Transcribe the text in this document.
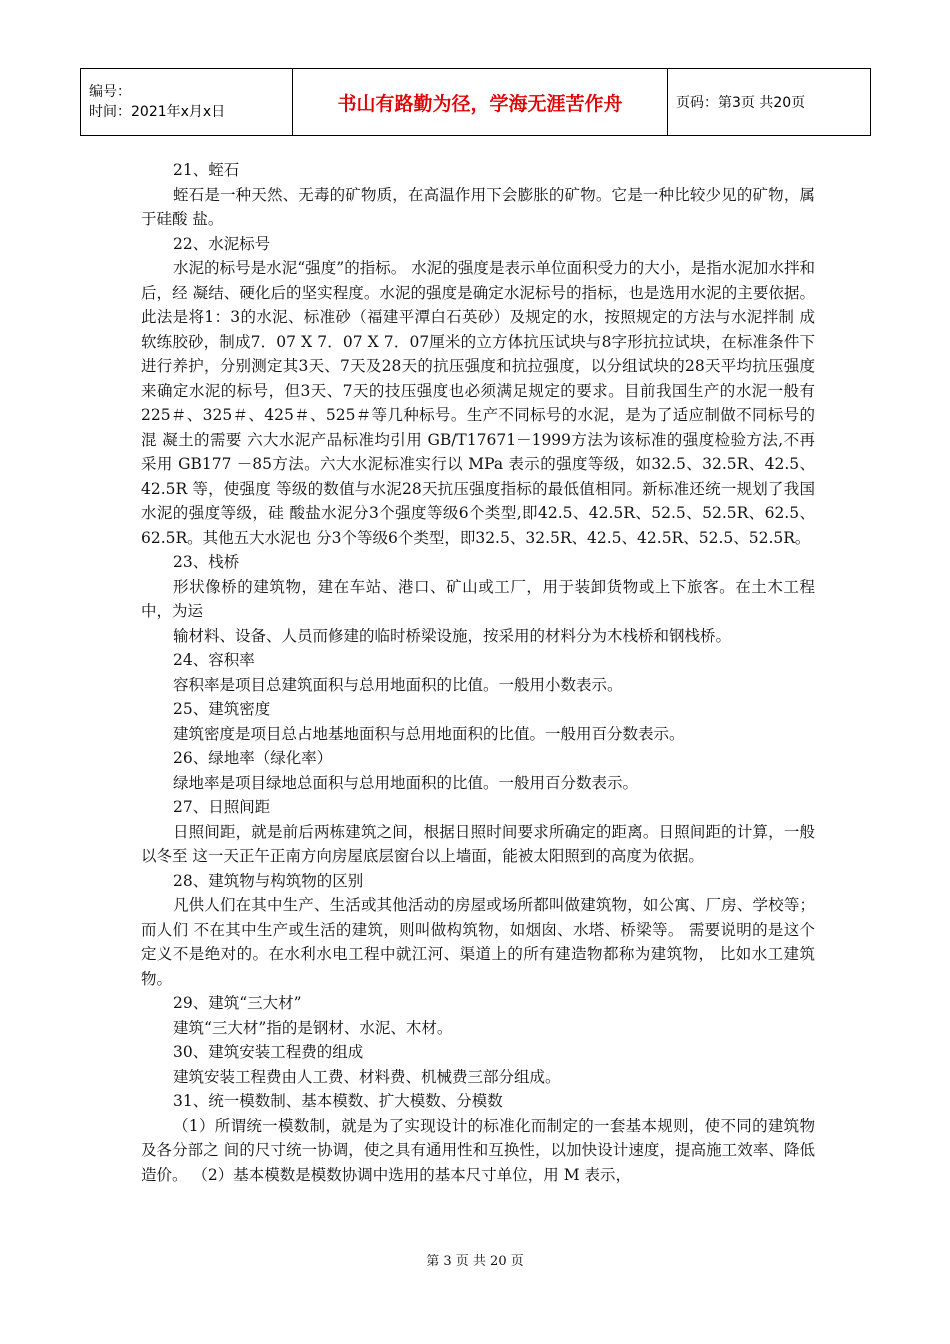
编号：
时间：2021年x月x日	书山有路勤为径，学海无涯苦作舟	页码：第3页 共20页

21、蛭石

蛭石是一种天然、无毒的矿物质，在高温作用下会膨胀的矿物。它是一种比较少见的矿物，属于硅酸 盐。

22、水泥标号

水泥的标号是水泥“强度”的指标。 水泥的强度是表示单位面积受力的大小，是指水泥加水拌和后，经 凝结、硬化后的坚实程度。水泥的强度是确定水泥标号的指标，也是选用水泥的主要依据。 此法是将1：3的水泥、标准砂（福建平潭白石英砂）及规定的水，按照规定的方法与水泥拌制 成软练胶砂，制成7．07 X 7．07 X 7．07厘米的立方体抗压试块与8字形抗拉试块，在标准条件下 进行养护，分别测定其3天、7天及28天的抗压强度和抗拉强度，以分组试块的28天平均抗压强度 来确定水泥的标号，但3天、7天的技压强度也必须满足规定的要求。目前我国生产的水泥一般有 225＃、325＃、425＃、525＃等几种标号。生产不同标号的水泥，是为了适应制做不同标号的混 凝土的需要 六大水泥产品标准均引用 GB/T17671－1999方法为该标准的强度检验方法,不再采用 GB177 －85方法。六大水泥标准实行以 MPa 表示的强度等级，如32.5、32.5R、42.5、42.5R 等，使强度 等级的数值与水泥28天抗压强度指标的最低值相同。新标准还统一规划了我国水泥的强度等级，硅 酸盐水泥分3个强度等级6个类型,即42.5、42.5R、52.5、52.5R、62.5、62.5R。其他五大水泥也 分3个等级6个类型，即32.5、32.5R、42.5、42.5R、52.5、52.5R。

23、栈桥

形状像桥的建筑物，建在车站、港口、矿山或工厂，用于装卸货物或上下旅客。在土木工程中，为运

输材料、设备、人员而修建的临时桥梁设施，按采用的材料分为木栈桥和钢栈桥。

24、容积率

容积率是项目总建筑面积与总用地面积的比值。一般用小数表示。

25、建筑密度

建筑密度是项目总占地基地面积与总用地面积的比值。一般用百分数表示。

26、绿地率（绿化率）

绿地率是项目绿地总面积与总用地面积的比值。一般用百分数表示。

27、日照间距

日照间距，就是前后两栋建筑之间，根据日照时间要求所确定的距离。日照间距的计算，一般以冬至 这一天正午正南方向房屋底层窗台以上墙面，能被太阳照到的高度为依据。

28、建筑物与构筑物的区别

凡供人们在其中生产、生活或其他活动的房屋或场所都叫做建筑物，如公寓、厂房、学校等；而人们 不在其中生产或生活的建筑，则叫做构筑物，如烟囱、水塔、桥梁等。 需要说明的是这个定义不是绝对的。在水利水电工程中就江河、渠道上的所有建造物都称为建筑物， 比如水工建筑物。

29、建筑“三大材”

建筑“三大材”指的是钢材、水泥、木材。

30、建筑安装工程费的组成

建筑安装工程费由人工费、材料费、机械费三部分组成。

31、统一模数制、基本模数、扩大模数、分模数

（1）所谓统一模数制，就是为了实现设计的标准化而制定的一套基本规则，使不同的建筑物及各分部之 间的尺寸统一协调，使之具有通用性和互换性，以加快设计速度，提高施工效率、降低造价。 （2）基本模数是模数协调中选用的基本尺寸单位，用 M 表示，

第 3 页 共 20 页
